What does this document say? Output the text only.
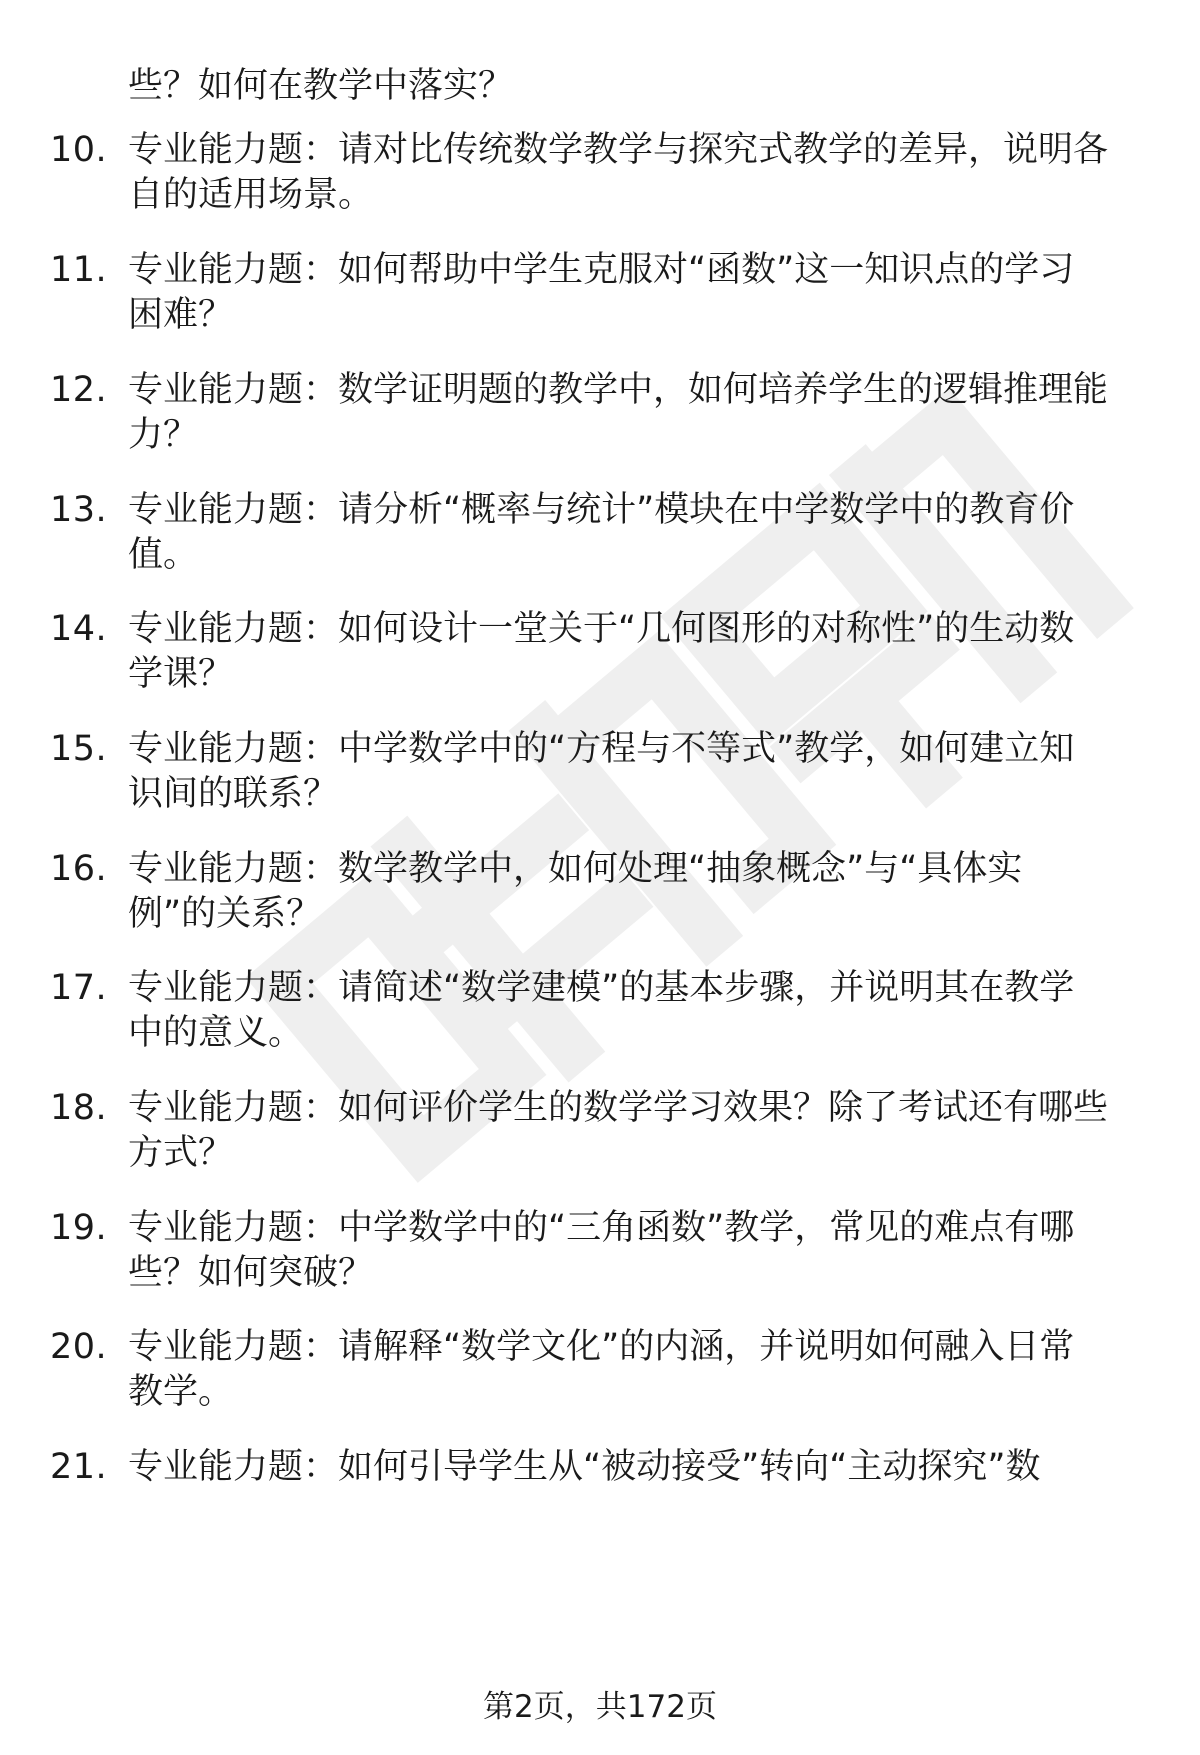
些？如何在教学中落实？
10. 专业能力题：请对比传统数学教学与探究式教学的差异，说明各
自的适用场景。
11. 专业能力题：如何帮助中学生克服对“函数”这一知识点的学习
困难？
12. 专业能力题：数学证明题的教学中，如何培养学生的逻辑推理能
力？
13. 专业能力题：请分析“概率与统计”模块在中学数学中的教育价
值。
14. 专业能力题：如何设计一堂关于“几何图形的对称性”的生动数
学课？
15. 专业能力题：中学数学中的“方程与不等式”教学，如何建立知
识间的联系？
16. 专业能力题：数学教学中，如何处理“抽象概念”与“具体实
例”的关系？
17. 专业能力题：请简述“数学建模”的基本步骤，并说明其在教学
中的意义。
18. 专业能力题：如何评价学生的数学学习效果？除了考试还有哪些
方式？
19. 专业能力题：中学数学中的“三角函数”教学，常见的难点有哪
些？如何突破？
20. 专业能力题：请解释“数学文化”的内涵，并说明如何融入日常
教学。
21. 专业能力题：如何引导学生从“被动接受”转向“主动探究”数
第2页，共172页
